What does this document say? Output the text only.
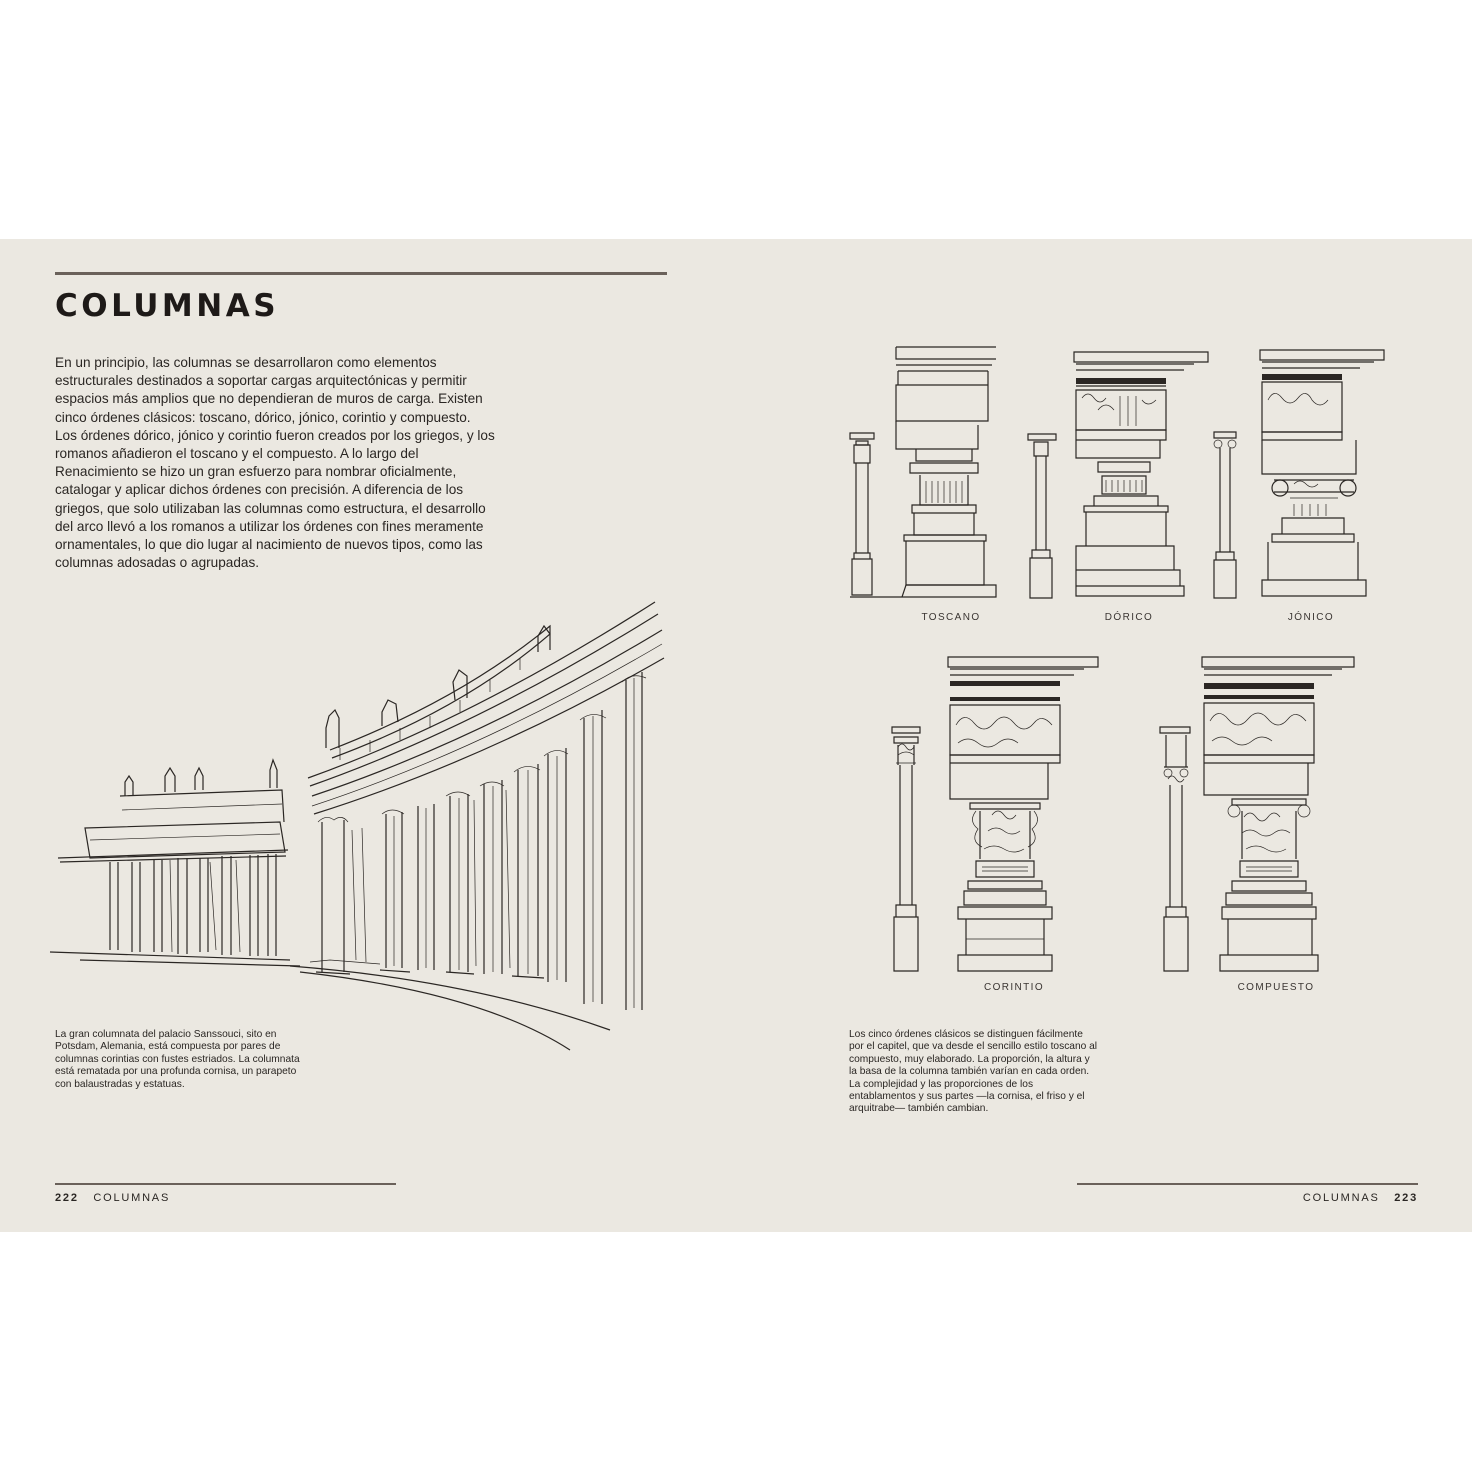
COLUMNAS

En un principio, las columnas se desarrollaron como elementos estructurales destinados a soportar cargas arquitectónicas y permitir espacios más amplios que no dependieran de muros de carga. Existen cinco órdenes clásicos: toscano, dórico, jónico, corintio y compuesto. Los órdenes dórico, jónico y corintio fueron creados por los griegos, y los romanos añadieron el toscano y el compuesto. A lo largo del Renacimiento se hizo un gran esfuerzo para nombrar oficialmente, catalogar y aplicar dichos órdenes con precisión. A diferencia de los griegos, que solo utilizaban las columnas como estructura, el desarrollo del arco llevó a los romanos a utilizar los órdenes con fines meramente ornamentales, lo que dio lugar al nacimiento de nuevos tipos, como las columnas adosadas o agrupadas.

La gran columnata del palacio Sanssouci, sito en Potsdam, Alemania, está compuesta por pares de columnas corintias con fustes estriados. La columnata está rematada por una profunda cornisa, un parapeto con balaustradas y estatuas.

TOSCANO	DÓRICO	JÓNICO
CORINTIO	COMPUESTO

Los cinco órdenes clásicos se distinguen fácilmente por el capitel, que va desde el sencillo estilo toscano al compuesto, muy elaborado. La proporción, la altura y la basa de la columna también varían en cada orden. La complejidad y las proporciones de los entablamentos y sus partes —la cornisa, el friso y el arquitrabe— también cambian.

222 COLUMNAS	COLUMNAS 223
